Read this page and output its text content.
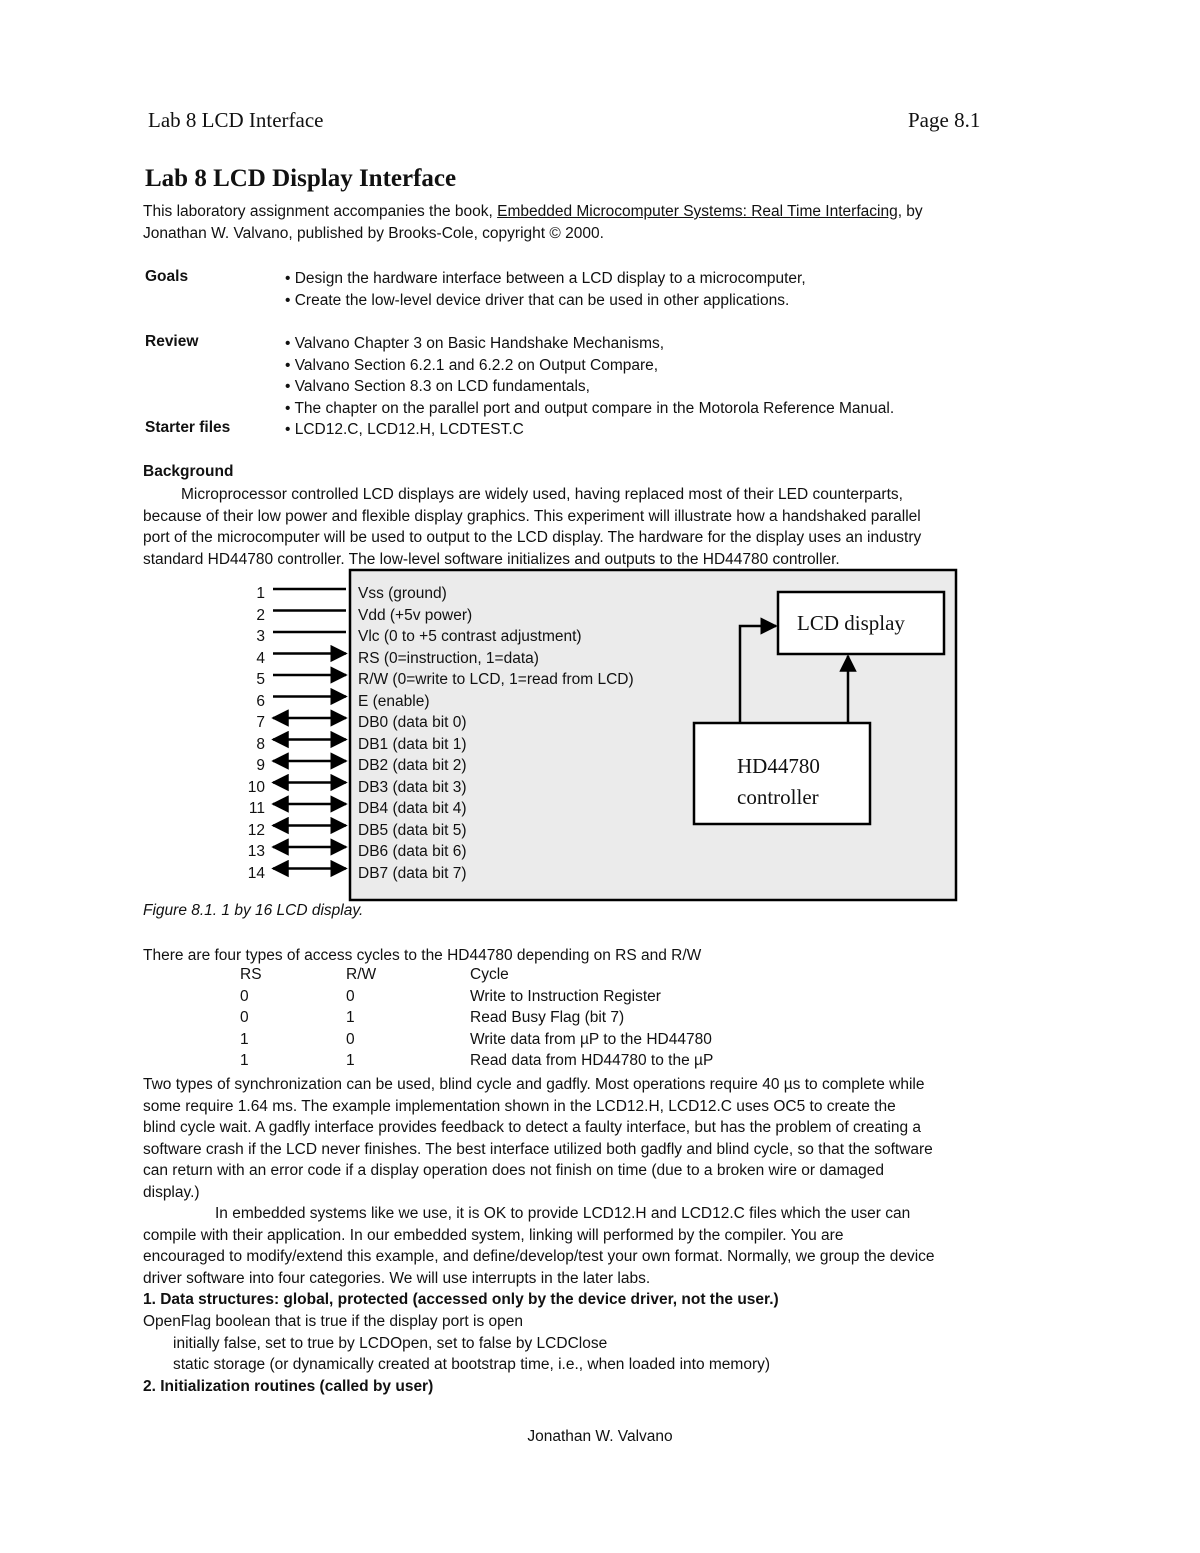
Lab 8 LCD Interface	Page 8.1
Lab 8 LCD Display Interface
This laboratory assignment accompanies the book, Embedded Microcomputer Systems: Real Time Interfacing, by
Jonathan W. Valvano, published by Brooks-Cole, copyright © 2000.
Goals	• Design the hardware interface between a LCD display to a microcomputer,
• Create the low-level device driver that can be used in other applications.
Review	• Valvano Chapter 3 on Basic Handshake Mechanisms,
• Valvano Section 6.2.1 and 6.2.2 on Output Compare,
• Valvano Section 8.3 on LCD fundamentals,
• The chapter on the parallel port and output compare in the Motorola Reference Manual.
Starter files	• LCD12.C, LCD12.H, LCDTEST.C
Background
Microprocessor controlled LCD displays are widely used, having replaced most of their LED counterparts,
because of their low power and flexible display graphics. This experiment will illustrate how a handshaked parallel
port of the microcomputer will be used to output to the LCD display. The hardware for the display uses an industry
standard HD44780 controller. The low-level software initializes and outputs to the HD44780 controller.
Vss (ground)
Vdd (+5v power)
Vlc (0 to +5 contrast adjustment)
RS (0=instruction, 1=data)
R/W (0=write to LCD, 1=read from LCD)
E (enable)
DB0 (data bit 0)
DB1 (data bit 1)
DB2 (data bit 2)
DB3 (data bit 3)
DB4 (data bit 4)
DB5 (data bit 5)
DB6 (data bit 6)
DB7 (data bit 7)
1
2
3
4
5
6
7
8
9
10
11
12
13
14
LCD display
HD44780
controller
Figure 8.1. 1 by 16 LCD display.
There are four types of access cycles to the HD44780 depending on RS and R/W
RS	R/W	Cycle
0	0	Write to Instruction Register
0	1	Read Busy Flag (bit 7)
1	0	Write data from µP to the HD44780
1	1	Read data from HD44780 to the µP
Two types of synchronization can be used, blind cycle and gadfly. Most operations require 40 µs to complete while
some require 1.64 ms. The example implementation shown in the LCD12.H, LCD12.C uses OC5 to create the
blind cycle wait. A gadfly interface provides feedback to detect a faulty interface, but has the problem of creating a
software crash if the LCD never finishes. The best interface utilized both gadfly and blind cycle, so that the software
can return with an error code if a display operation does not finish on time (due to a broken wire or damaged
display.)
In embedded systems like we use, it is OK to provide LCD12.H and LCD12.C files which the user can
compile with their application. In our embedded system, linking will performed by the compiler. You are
encouraged to modify/extend this example, and define/develop/test your own format. Normally, we group the device
driver software into four categories. We will use interrupts in the later labs.
1. Data structures: global, protected (accessed only by the device driver, not the user.)
OpenFlag boolean that is true if the display port is open
initially false, set to true by LCDOpen, set to false by LCDClose
static storage (or dynamically created at bootstrap time, i.e., when loaded into memory)
2. Initialization routines (called by user)
Jonathan W. Valvano
